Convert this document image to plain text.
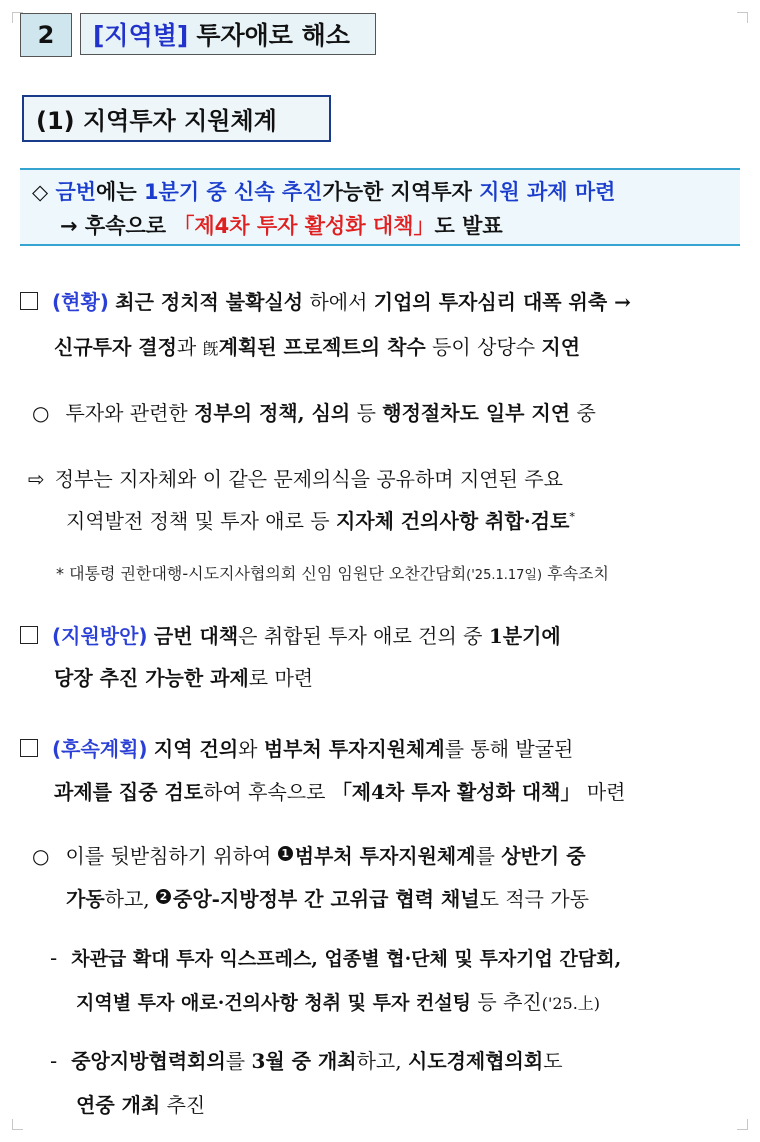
2	[지역별] 투자애로 해소
(1) 지역투자 지원체계
◇ 금번에는 1분기 중 신속 추진가능한 지역투자 지원 과제 마련
→ 후속으로 「제4차 투자 활성화 대책」도 발표
(현황) 최근 정치적 불확실성 하에서 기업의 투자심리 대폭 위축 →
신규투자 결정과 旣계획된 프로젝트의 착수 등이 상당수 지연
○ 투자와 관련한 정부의 정책, 심의 등 행정절차도 일부 지연 중
⇨ 정부는 지자체와 이 같은 문제의식을 공유하며 지연된 주요
지역발전 정책 및 투자 애로 등 지자체 건의사항 취합·검토*
* 대통령 권한대행-시도지사협의회 신임 임원단 오찬간담회('25.1.17일) 후속조치
(지원방안) 금번 대책은 취합된 투자 애로 건의 중 1분기에
당장 추진 가능한 과제로 마련
(후속계획) 지역 건의와 범부처 투자지원체계를 통해 발굴된
과제를 집중 검토하여 후속으로 「제4차 투자 활성화 대책」 마련
○ 이를 뒷받침하기 위하여 1 범부처 투자지원체계를 상반기 중
가동하고, 2 중앙-지방정부 간 고위급 협력 채널도 적극 가동
- 차관급 확대 투자 익스프레스, 업종별 협·단체 및 투자기업 간담회,
지역별 투자 애로·건의사항 청취 및 투자 컨설팅 등 추진('25.上)
- 중앙지방협력회의를 3월 중 개최하고, 시도경제협의회도
연중 개최 추진
